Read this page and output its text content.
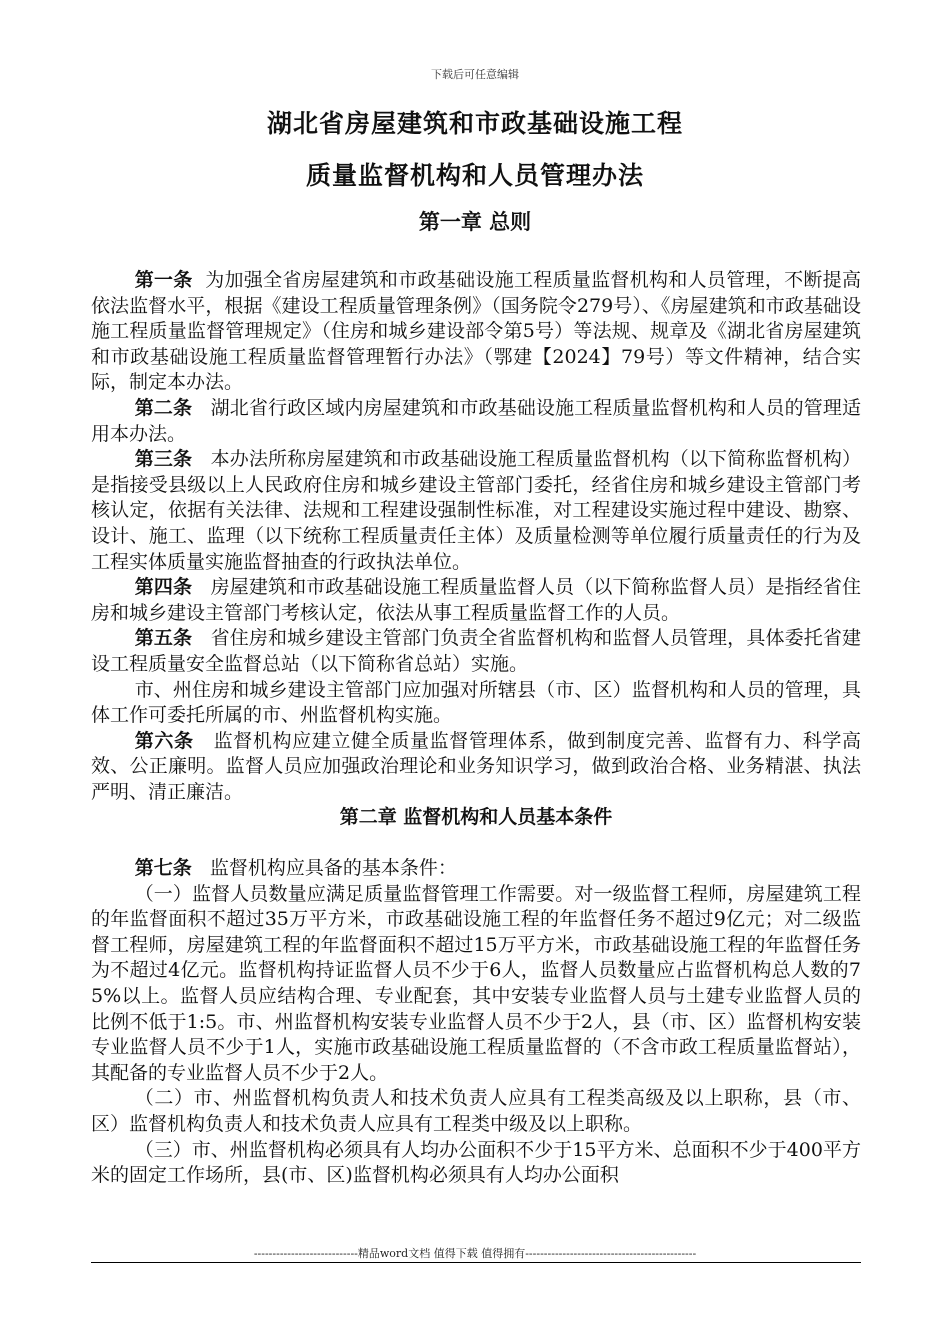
下载后可任意编辑
湖北省房屋建筑和市政基础设施工程
质量监督机构和人员管理办法
第一章 总则

第一条 为加强全省房屋建筑和市政基础设施工程质量监督机构和人员管理，不断提高依法监督水平，根据《建设工程质量管理条例》（国务院令279号）、《房屋建筑和市政基础设施工程质量监督管理规定》（住房和城乡建设部令第5号）等法规、规章及《湖北省房屋建筑和市政基础设施工程质量监督管理暂行办法》（鄂建【2024】79号）等文件精神，结合实际，制定本办法。

第二条 湖北省行政区域内房屋建筑和市政基础设施工程质量监督机构和人员的管理适用本办法。

第三条 本办法所称房屋建筑和市政基础设施工程质量监督机构（以下简称监督机构）是指接受县级以上人民政府住房和城乡建设主管部门委托，经省住房和城乡建设主管部门考核认定，依据有关法律、法规和工程建设强制性标准，对工程建设实施过程中建设、勘察、设计、施工、监理（以下统称工程质量责任主体）及质量检测等单位履行质量责任的行为及工程实体质量实施监督抽查的行政执法单位。

第四条 房屋建筑和市政基础设施工程质量监督人员（以下简称监督人员）是指经省住房和城乡建设主管部门考核认定，依法从事工程质量监督工作的人员。

第五条 省住房和城乡建设主管部门负责全省监督机构和监督人员管理，具体委托省建设工程质量安全监督总站（以下简称省总站）实施。

市、州住房和城乡建设主管部门应加强对所辖县（市、区）监督机构和人员的管理，具体工作可委托所属的市、州监督机构实施。

第六条 监督机构应建立健全质量监督管理体系，做到制度完善、监督有力、科学高效、公正廉明。监督人员应加强政治理论和业务知识学习，做到政治合格、业务精湛、执法严明、清正廉洁。

第二章 监督机构和人员基本条件

第七条 监督机构应具备的基本条件：

（一）监督人员数量应满足质量监督管理工作需要。对一级监督工程师，房屋建筑工程的年监督面积不超过35万平方米，市政基础设施工程的年监督任务不超过9亿元；对二级监督工程师，房屋建筑工程的年监督面积不超过15万平方米，市政基础设施工程的年监督任务为不超过4亿元。监督机构持证监督人员不少于6人，监督人员数量应占监督机构总人数的75%以上。监督人员应结构合理、专业配套，其中安装专业监督人员与土建专业监督人员的比例不低于1:5。市、州监督机构安装专业监督人员不少于2人，县（市、区）监督机构安装专业监督人员不少于1人，实施市政基础设施工程质量监督的（不含市政工程质量监督站），其配备的专业监督人员不少于2人。

（二）市、州监督机构负责人和技术负责人应具有工程类高级及以上职称，县（市、区）监督机构负责人和技术负责人应具有工程类中级及以上职称。

（三）市、州监督机构必须具有人均办公面积不少于15平方米、总面积不少于400平方米的固定工作场所，县(市、区)监督机构必须具有人均办公面积

----------------------------精品word文档 值得下载 值得拥有----------------------------------------------
